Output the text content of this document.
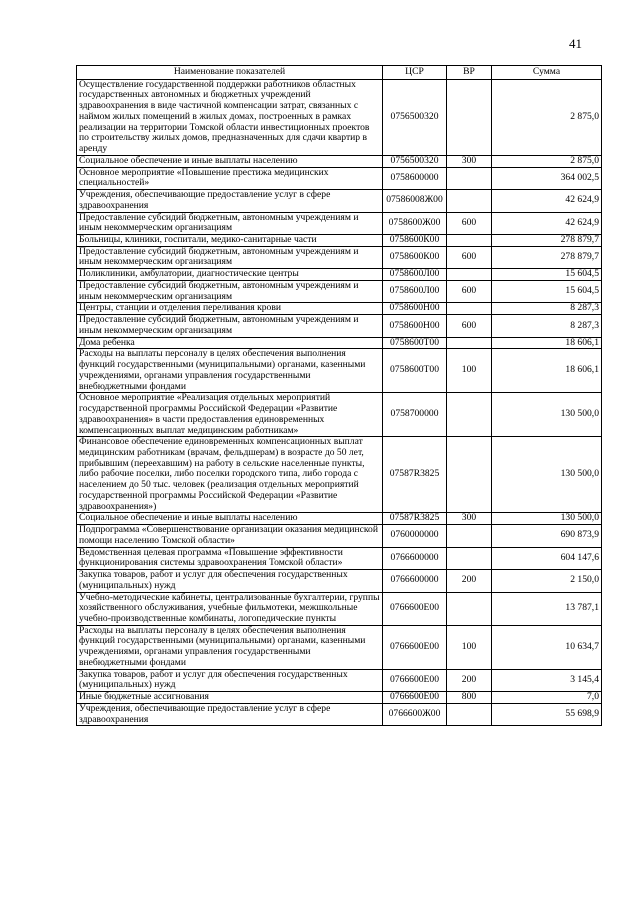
41
Наименование показателей	ЦСР	ВР	Сумма
Осуществление государственной поддержки работников областных государственных автономных и бюджетных учреждений здравоохранения в виде частичной компенсации затрат, связанных с наймом жилых помещений в жилых домах, построенных в рамках реализации на территории Томской области инвестиционных проектов по строительству жилых домов, предназначенных для сдачи квартир в аренду	0756500320		2 875,0
Социальное обеспечение и иные выплаты населению	0756500320	300	2 875,0
Основное мероприятие «Повышение престижа медицинских специальностей»	0758600000		364 002,5
Учреждения, обеспечивающие предоставление услуг в сфере здравоохранения	07586008Ж00		42 624,9
Предоставление субсидий бюджетным, автономным учреждениям и иным некоммерческим организациям	0758600Ж00	600	42 624,9
Больницы, клиники, госпитали, медико-санитарные части	0758600К00		278 879,7
Предоставление субсидий бюджетным, автономным учреждениям и иным некоммерческим организациям	0758600К00	600	278 879,7
Поликлиники, амбулатории, диагностические центры	0758600Л00		15 604,5
Предоставление субсидий бюджетным, автономным учреждениям и иным некоммерческим организациям	0758600Л00	600	15 604,5
Центры, станции и отделения переливания крови	0758600Н00		8 287,3
Предоставление субсидий бюджетным, автономным учреждениям и иным некоммерческим организациям	0758600Н00	600	8 287,3
Дома ребенка	0758600Т00		18 606,1
Расходы на выплаты персоналу в целях обеспечения выполнения функций государственными (муниципальными) органами, казенными учреждениями, органами управления государственными внебюджетными фондами	0758600Т00	100	18 606,1
Основное мероприятие «Реализация отдельных мероприятий государственной программы Российской Федерации «Развитие здравоохранения» в части предоставления единовременных компенсационных выплат медицинским работникам»	0758700000		130 500,0
Финансовое обеспечение единовременных компенсационных выплат медицинским работникам (врачам, фельдшерам) в возрасте до 50 лет, прибывшим (переехавшим) на работу в сельские населенные пункты, либо рабочие поселки, либо поселки городского типа, либо города с населением до 50 тыс. человек (реализация отдельных мероприятий государственной программы Российской Федерации «Развитие здравоохранения»)	07587R3825		130 500,0
Социальное обеспечение и иные выплаты населению	07587R3825	300	130 500,0
Подпрограмма «Совершенствование организации оказания медицинской помощи населению Томской области»	0760000000		690 873,9
Ведомственная целевая программа «Повышение эффективности функционирования системы здравоохранения Томской области»	0766600000		604 147,6
Закупка товаров, работ и услуг для обеспечения государственных (муниципальных) нужд	0766600000	200	2 150,0
Учебно-методические кабинеты, централизованные бухгалтерии, группы хозяйственного обслуживания, учебные фильмотеки, межшкольные учебно-производственные комбинаты, логопедические пункты	0766600Е00		13 787,1
Расходы на выплаты персоналу в целях обеспечения выполнения функций государственными (муниципальными) органами, казенными учреждениями, органами управления государственными внебюджетными фондами	0766600Е00	100	10 634,7
Закупка товаров, работ и услуг для обеспечения государственных (муниципальных) нужд	0766600Е00	200	3 145,4
Иные бюджетные ассигнования	0766600Е00	800	7,0
Учреждения, обеспечивающие предоставление услуг в сфере здравоохранения	0766600Ж00		55 698,9
